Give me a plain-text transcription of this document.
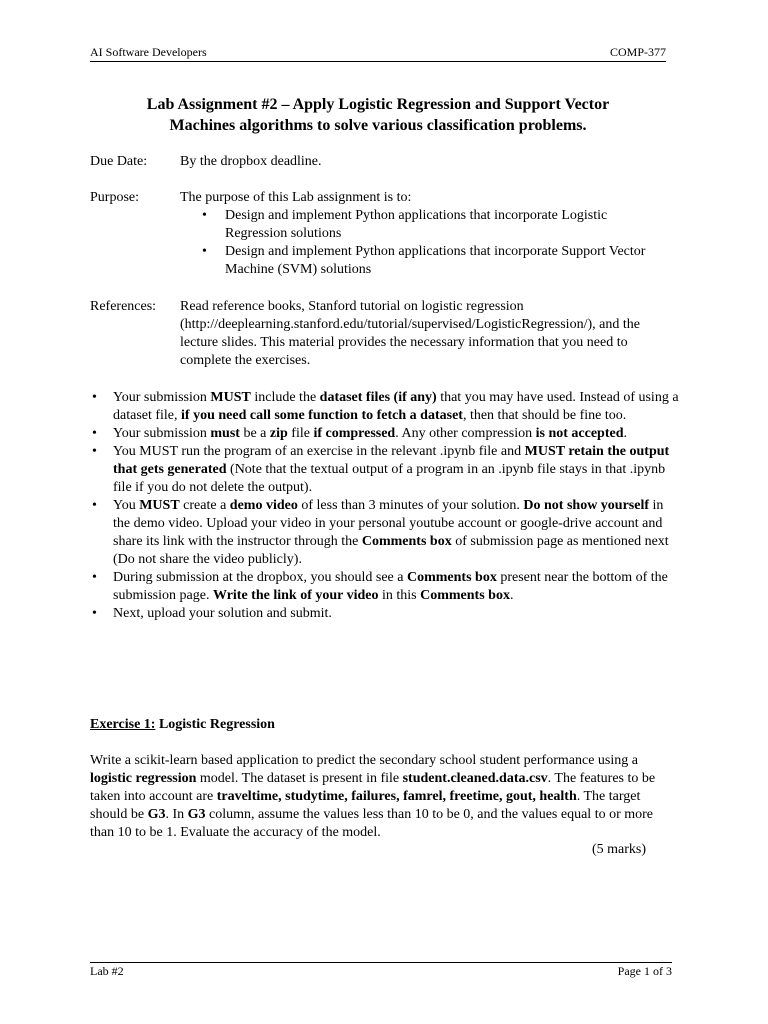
AI Software Developers	COMP-377
Lab Assignment #2 – Apply Logistic Regression and Support Vector
Machines algorithms to solve various classification problems.
Due Date: By the dropbox deadline.
Purpose:	The purpose of this Lab assignment is to:
• Design and implement Python applications that incorporate Logistic Regression solutions
• Design and implement Python applications that incorporate Support Vector Machine (SVM) solutions
References: Read reference books, Stanford tutorial on logistic regression (http://deeplearning.stanford.edu/tutorial/supervised/LogisticRegression/), and the lecture slides. This material provides the necessary information that you need to complete the exercises.
• Your submission MUST include the dataset files (if any) that you may have used. Instead of using a dataset file, if you need call some function to fetch a dataset, then that should be fine too.
• Your submission must be a zip file if compressed. Any other compression is not accepted.
• You MUST run the program of an exercise in the relevant .ipynb file and MUST retain the output that gets generated (Note that the textual output of a program in an .ipynb file stays in that .ipynb file if you do not delete the output).
• You MUST create a demo video of less than 3 minutes of your solution. Do not show yourself in the demo video. Upload your video in your personal youtube account or google-drive account and share its link with the instructor through the Comments box of submission page as mentioned next (Do not share the video publicly).
• During submission at the dropbox, you should see a Comments box present near the bottom of the submission page. Write the link of your video in this Comments box.
• Next, upload your solution and submit.
Exercise 1: Logistic Regression
Write a scikit-learn based application to predict the secondary school student performance using a logistic regression model. The dataset is present in file student.cleaned.data.csv. The features to be taken into account are traveltime, studytime, failures, famrel, freetime, gout, health. The target should be G3. In G3 column, assume the values less than 10 to be 0, and the values equal to or more than 10 to be 1. Evaluate the accuracy of the model.
(5 marks)
Lab #2	Page 1 of 3
